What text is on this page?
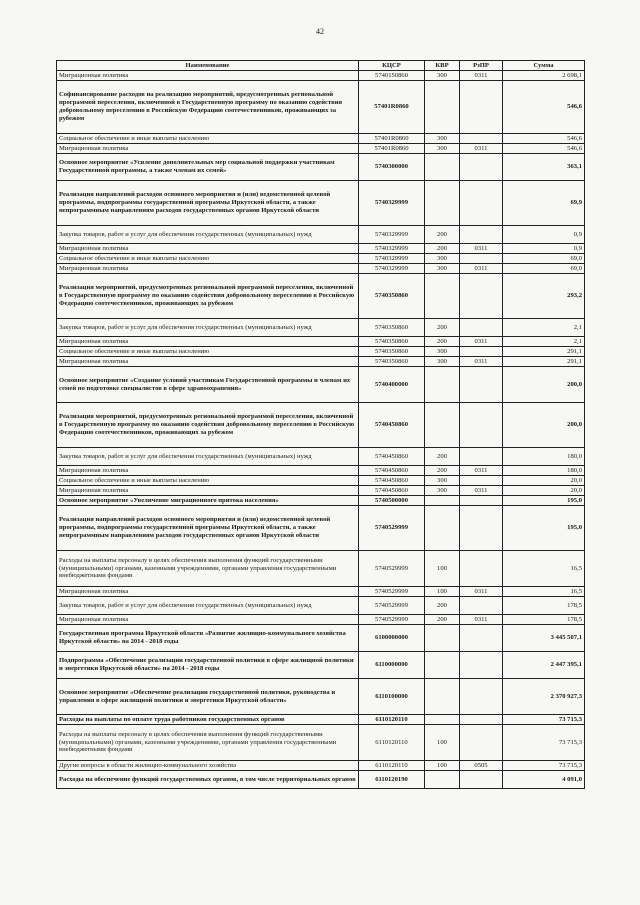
42
Наименование	КЦСР	КВР	РзПР	Сумма
Миграционная политика	5740150860	300	0311	2 698,1
Софинансирование расходов на реализацию мероприятий, предусмотренных региональной программой переселения, включенной в Государственную программу по оказанию содействия добровольному переселению в Российскую Федерацию соотечественников, проживающих за рубежом	57401R0860			546,6
Социальное обеспечение и иные выплаты населению	57401R0860	300		546,6
Миграционная политика	57401R0860	300	0311	546,6
Основное мероприятие «Усиление дополнительных мер социальной поддержки участникам Государственной программы, а также членам их семей»	5740300000			363,1
Реализация направлений расходов основного мероприятия и (или) ведомственной целевой программы, подпрограммы государственной программы Иркутской области, а также непрограммным направлениям расходов государственных органов Иркутской области	5740329999			69,9
Закупка товаров, работ и услуг для обеспечения государственных (муниципальных) нужд	5740329999	200		0,9
Миграционная политика	5740329999	200	0311	0,9
Социальное обеспечение и иные выплаты населению	5740329999	300		69,0
Миграционная политика	5740329999	300	0311	69,0
Реализация мероприятий, предусмотренных региональной программой переселения, включенной в Государственную программу по оказанию содействия добровольному переселению в Российскую Федерацию соотечественников, проживающих за рубежом	5740350860			293,2
Закупка товаров, работ и услуг для обеспечения государственных (муниципальных) нужд	5740350860	200		2,1
Миграционная политика	5740350860	200	0311	2,1
Социальное обеспечение и иные выплаты населению	5740350860	300		291,1
Миграционная политика	5740350860	300	0311	291,1
Основное мероприятие «Создание условий участникам Государственной программы и членам их семей по подготовке специалистов в сфере здравоохранения»	5740400000			200,0
Реализация мероприятий, предусмотренных региональной программой переселения, включенной в Государственную программу по оказанию содействия добровольному переселению в Российскую Федерацию соотечественников, проживающих за рубежом	5740450860			200,0
Закупка товаров, работ и услуг для обеспечения государственных (муниципальных) нужд	5740450860	200		180,0
Миграционная политика	5740450860	200	0311	180,0
Социальное обеспечение и иные выплаты населению	5740450860	300		20,0
Миграционная политика	5740450860	300	0311	20,0
Основное мероприятие «Увеличение миграционного притока населения»	5740500000			195,0
Реализация направлений расходов основного мероприятия и (или) ведомственной целевой программы, подпрограммы государственной программы Иркутской области, а также непрограммным направлениям расходов государственных органов Иркутской области	5740529999			195,0
Расходы на выплаты персоналу в целях обеспечения выполнения функций государственными (муниципальными) органами, казенными учреждениями, органами управления государственными внебюджетными фондами	5740529999	100		16,5
Миграционная политика	5740529999	100	0311	16,5
Закупка товаров, работ и услуг для обеспечения государственных (муниципальных) нужд	5740529999	200		178,5
Миграционная политика	5740529999	200	0311	178,5
Государственная программа Иркутской области «Развитие жилищно-коммунального хозяйства Иркутской области» на 2014 - 2018 годы	6100000000			3 445 507,1
Подпрограмма «Обеспечение реализации государственной политики в сфере жилищной политики и энергетики Иркутской области» на 2014 - 2018 годы	6110000000			2 447 395,1
Основное мероприятие «Обеспечение реализации государственной политики, руководства и управления в сфере жилищной политики и энергетики Иркутской области»	6110100000			2 370 927,3
Расходы на выплаты по оплате труда работников государственных органов	6110120110			73 715,3
Расходы на выплаты персоналу в целях обеспечения выполнения функций государственными (муниципальными) органами, казенными учреждениями, органами управления государственными внебюджетными фондами	6110120110	100		73 715,3
Другие вопросы в области жилищно-коммунального хозяйства	6110120110	100	0505	73 715,3
Расходы на обеспечение функций государственных органов, в том числе территориальных органов	6110120190			4 091,0
